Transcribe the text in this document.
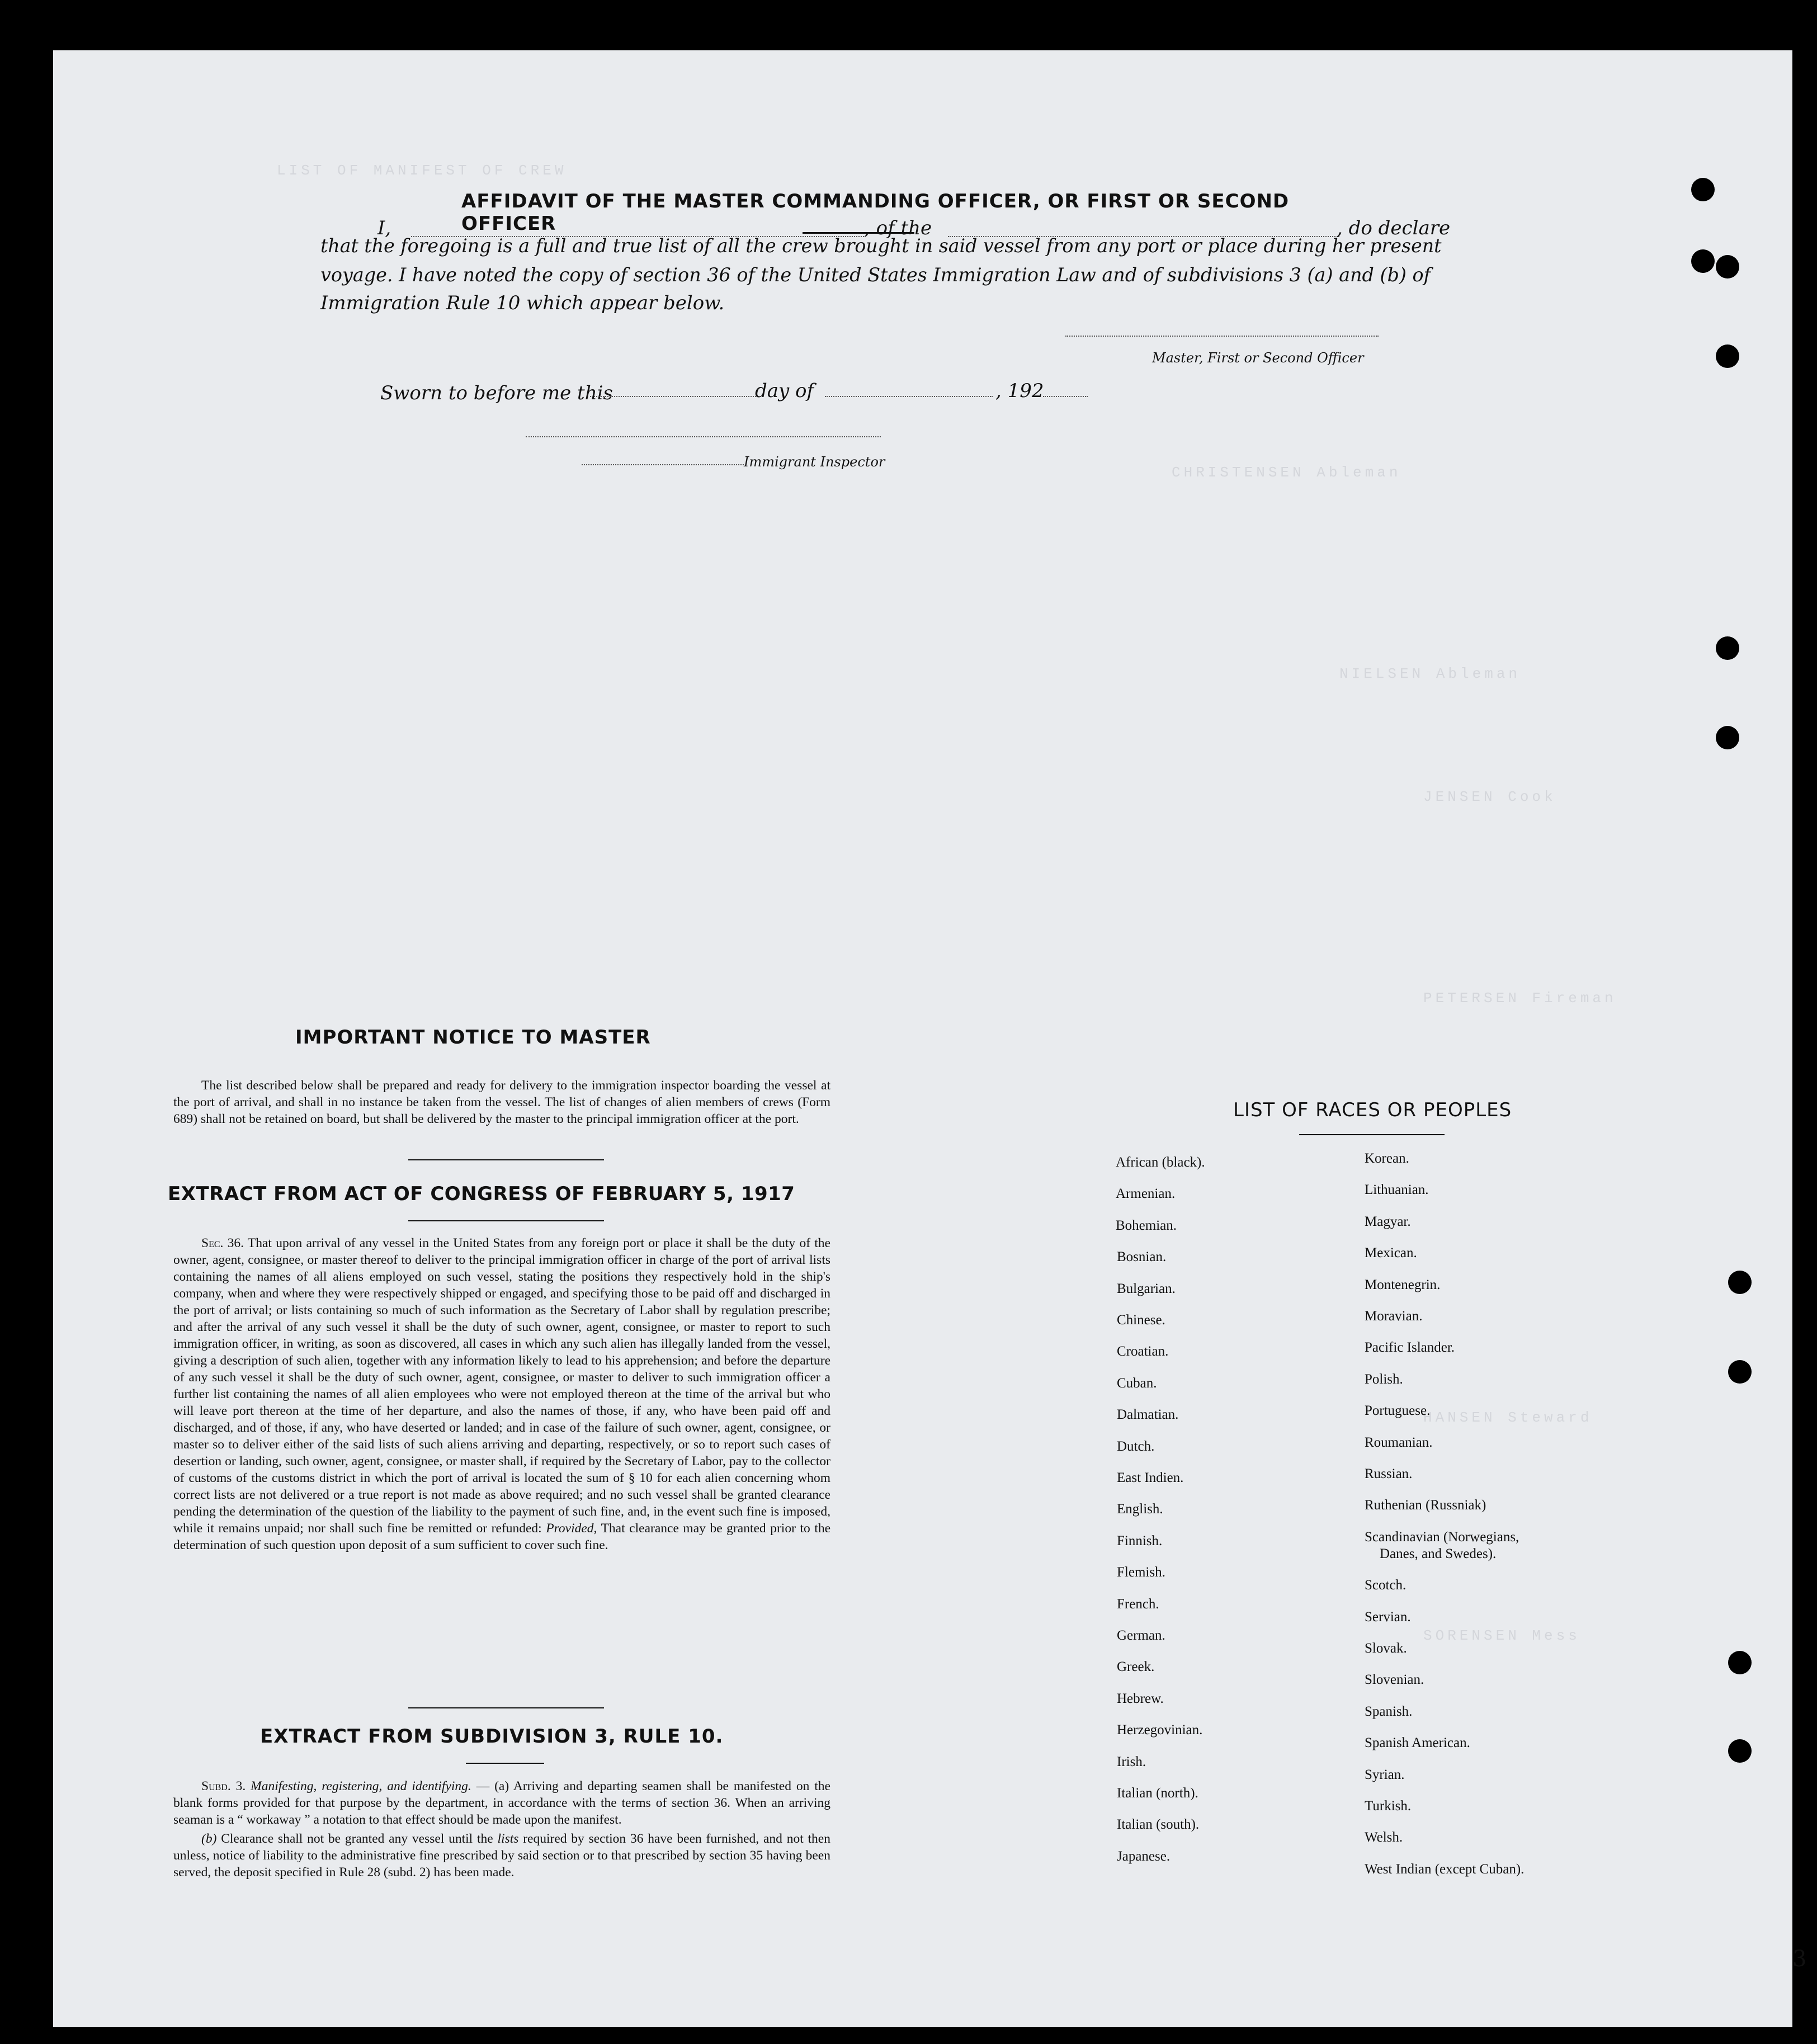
LIST OF MANIFEST OF CREW
CHRISTENSEN Ableman
NIELSEN Ableman
JENSEN Cook
PETERSEN Fireman
HANSEN Steward
SORENSEN Mess
AFFIDAVIT OF THE MASTER COMMANDING OFFICER, OR FIRST OR SECOND OFFICER
I,	, of the	, do declare
that the foregoing is a full and true list of all the crew brought in said vessel from any port or place during her present
voyage. I have noted the copy of section 36 of the United States Immigration Law and of subdivisions 3 (a) and (b) of
Immigration Rule 10 which appear below.
Master, First or Second Officer
Sworn to before me this	day of	, 192
Immigrant Inspector
IMPORTANT NOTICE TO MASTER
The list described below shall be prepared and ready for delivery to the immigration inspector boarding the vessel at the port of arrival, and shall in no instance be taken from the vessel. The list of changes of alien members of crews (Form 689) shall not be retained on board, but shall be delivered by the master to the principal immigration officer at the port.
EXTRACT FROM ACT OF CONGRESS OF FEBRUARY 5, 1917

Sec. 36. That upon arrival of any vessel in the United States from any foreign port or place it shall be the duty of the owner, agent, consignee, or master thereof to deliver to the principal immigration officer in charge of the port of arrival lists containing the names of all aliens employed on such vessel, stating the positions they respectively hold in the ship's company, when and where they were respectively shipped or engaged, and specifying those to be paid off and discharged in the port of arrival; or lists containing so much of such information as the Secretary of Labor shall by regulation prescribe; and after the arrival of any such vessel it shall be the duty of such owner, agent, consignee, or master to report to such immigration officer, in writing, as soon as discovered, all cases in which any such alien has illegally landed from the vessel, giving a description of such alien, together with any information likely to lead to his apprehension; and before the departure of any such vessel it shall be the duty of such owner, agent, consignee, or master to deliver to such immigration officer a further list containing the names of all alien employees who were not employed thereon at the time of the arrival but who will leave port thereon at the time of her departure, and also the names of those, if any, who have been paid off and discharged, and of those, if any, who have deserted or landed; and in case of the failure of such owner, agent, consignee, or master so to deliver either of the said lists of such aliens arriving and departing, respectively, or so to report such cases of desertion or landing, such owner, agent, consignee, or master shall, if required by the Secretary of Labor, pay to the collector of customs of the customs district in which the port of arrival is located the sum of § 10 for each alien concerning whom correct lists are not delivered or a true report is not made as above required; and no such vessel shall be granted clearance pending the determination of the question of the liability to the payment of such fine, and, in the event such fine is imposed, while it remains unpaid; nor shall such fine be remitted or refunded: Provided, That clearance may be granted prior to the determination of such question upon deposit of a sum sufficient to cover such fine.

EXTRACT FROM SUBDIVISION 3, RULE 10.

Subd. 3. Manifesting, registering, and identifying. — (a) Arriving and departing seamen shall be manifested on the blank forms provided for that purpose by the department, in accordance with the terms of section 36. When an arriving seaman is a “ workaway ” a notation to that effect should be made upon the manifest.

(b) Clearance shall not be granted any vessel until the lists required by section 36 have been furnished, and not then unless, notice of liability to the administrative fine prescribed by said section or to that prescribed by section 35 having been served, the deposit specified in Rule 28 (subd. 2) has been made.

LIST OF RACES OR PEOPLES
African (black).
Armenian.
Bohemian.
Bosnian.
Bulgarian.
Chinese.
Croatian.
Cuban.
Dalmatian.
Dutch.
East Indien.
English.
Finnish.
Flemish.
French.
German.
Greek.
Hebrew.
Herzegovinian.
Irish.
Italian (north).
Italian (south).
Japanese.
3
Korean.
Lithuanian.
Magyar.
Mexican.
Montenegrin.
Moravian.
Pacific Islander.
Polish.
Portuguese.
Roumanian.
Russian.
Ruthenian (Russniak)
Scandinavian (Norwegians,
Danes, and Swedes).
Scotch.
Servian.
Slovak.
Slovenian.
Spanish.
Spanish American.
Syrian.
Turkish.
Welsh.
West Indian (except Cuban).
